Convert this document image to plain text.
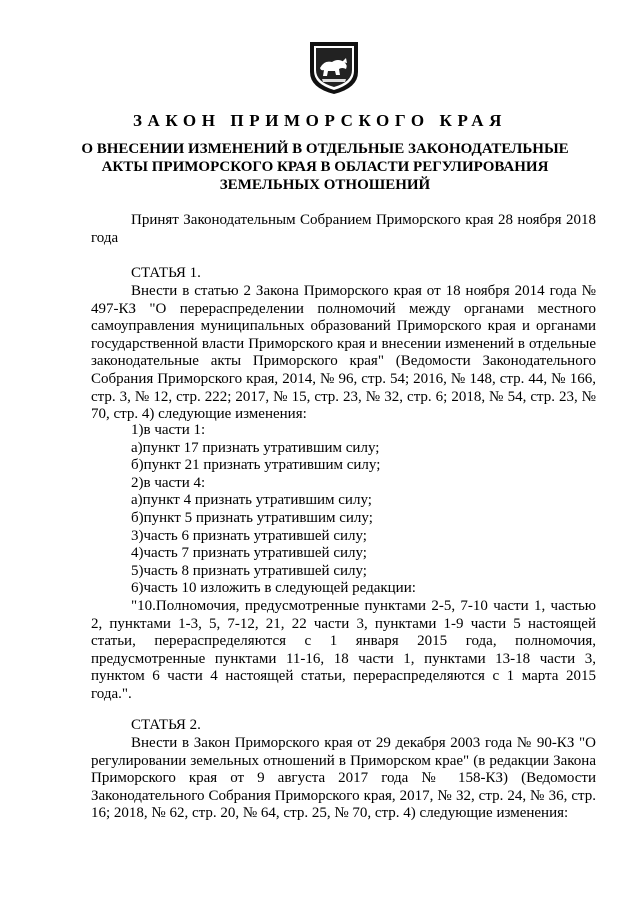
ЗАКОН ПРИМОРСКОГО КРАЯ
О ВНЕСЕНИИ ИЗМЕНЕНИЙ В ОТДЕЛЬНЫЕ ЗАКОНОДАТЕЛЬНЫЕ
АКТЫ ПРИМОРСКОГО КРАЯ В ОБЛАСТИ РЕГУЛИРОВАНИЯ
ЗЕМЕЛЬНЫХ ОТНОШЕНИЙ

Принят Законодательным Собранием Приморского края 28 ноября 2018 года

СТАТЬЯ 1.

Внести в статью 2 Закона Приморского края от 18 ноября 2014 года № 497-КЗ "О перераспределении полномочий между органами местного самоуправления муниципальных образований Приморского края и органами государственной власти Приморского края и внесении изменений в отдельные законодательные акты Приморского края" (Ведомости Законодательного Собрания Приморского края, 2014, № 96, стр. 54; 2016, № 148, стр. 44, № 166, стр. 3, № 12, стр. 222; 2017, № 15, стр. 23, № 32, стр. 6; 2018, № 54, стр. 23, № 70, стр. 4) следующие изменения:

1)в части 1:

а)пункт 17 признать утратившим силу;

б)пункт 21 признать утратившим силу;

2)в части 4:

а)пункт 4 признать утратившим силу;

б)пункт 5 признать утратившим силу;

3)часть 6 признать утратившей силу;

4)часть 7 признать утратившей силу;

5)часть 8 признать утратившей силу;

6)часть 10 изложить в следующей редакции:

"10.Полномочия, предусмотренные пунктами 2-5, 7-10 части 1, частью 2, пунктами 1-3, 5, 7-12, 21, 22 части 3, пунктами 1-9 части 5 настоящей статьи, перераспределяются с 1 января 2015 года, полномочия, предусмотренные пунктами 11-16, 18 части 1, пунктами 13-18 части 3, пунктом 6 части 4 настоящей статьи, перераспределяются с 1 марта 2015 года.".

СТАТЬЯ 2.

Внести в Закон Приморского края от 29 декабря 2003 года № 90-КЗ "О регулировании земельных отношений в Приморском крае" (в редакции Закона Приморского края от 9 августа 2017 года № 158-КЗ) (Ведомости Законодательного Собрания Приморского края, 2017, № 32, стр. 24, № 36, стр. 16; 2018, № 62, стр. 20, № 64, стр. 25, № 70, стр. 4) следующие изменения:
